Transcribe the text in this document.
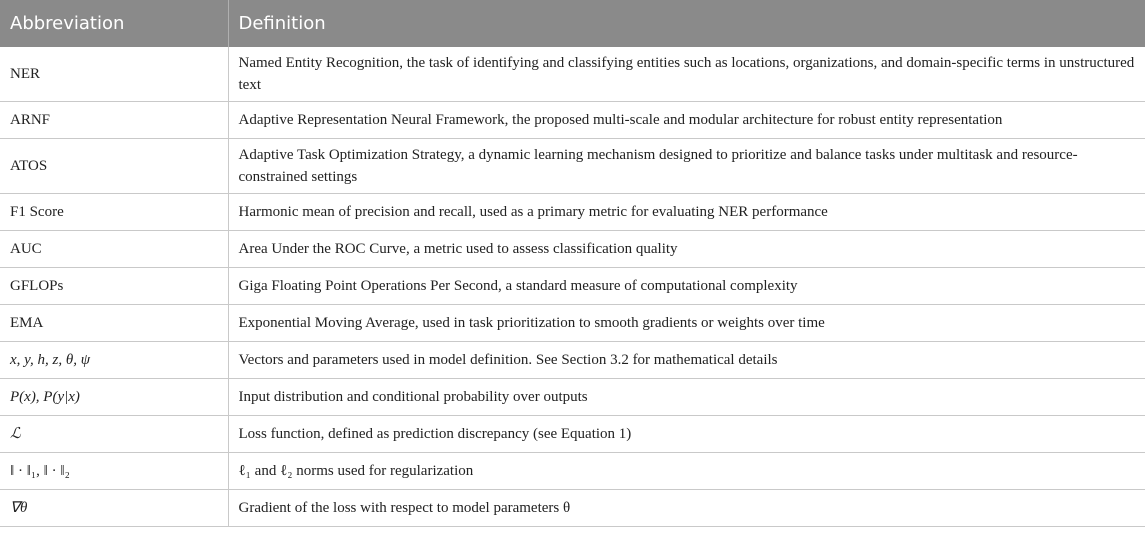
Abbreviation	Definition
NER	Named Entity Recognition, the task of identifying and classifying entities such as locations, organizations, and domain-specific terms in unstructured text
ARNF	Adaptive Representation Neural Framework, the proposed multi-scale and modular architecture for robust entity representation
ATOS	Adaptive Task Optimization Strategy, a dynamic learning mechanism designed to prioritize and balance tasks under multitask and resource-constrained settings
F1 Score	Harmonic mean of precision and recall, used as a primary metric for evaluating NER performance
AUC	Area Under the ROC Curve, a metric used to assess classification quality
GFLOPs	Giga Floating Point Operations Per Second, a standard measure of computational complexity
EMA	Exponential Moving Average, used in task prioritization to smooth gradients or weights over time
x, y, h, z, θ, ψ	Vectors and parameters used in model definition. See Section 3.2 for mathematical details
P(x), P(y|x)	Input distribution and conditional probability over outputs
ℒ	Loss function, defined as prediction discrepancy (see Equation 1)
‖ · ‖₁, ‖ · ‖₂	ℓ₁ and ℓ₂ norms used for regularization
∇θ	Gradient of the loss with respect to model parameters θ
